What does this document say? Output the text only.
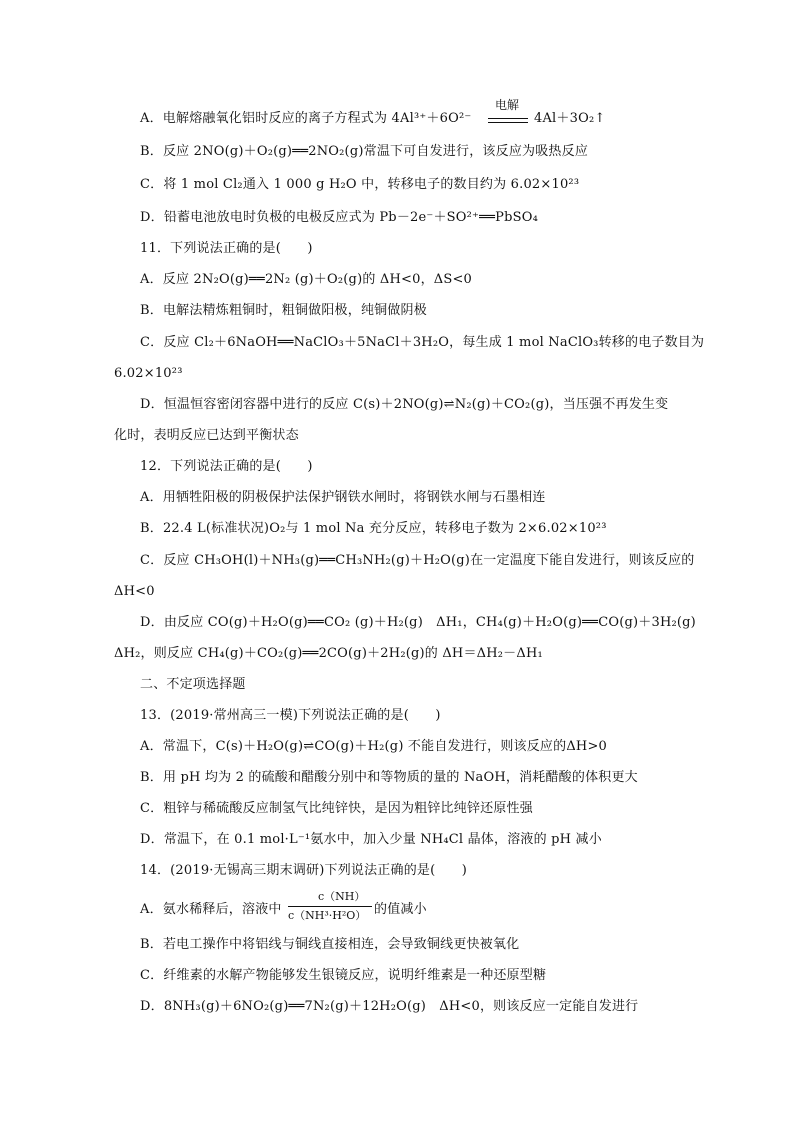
A．电解熔融氧化铝时反应的离子方程式为 4Al³⁺＋6O²⁻
电解
4Al＋3O₂↑
B．反应 2NO(g)＋O₂(g)══2NO₂(g)常温下可自发进行，该反应为吸热反应
C．将 1 mol Cl₂通入 1 000 g H₂O 中，转移电子的数目约为 6.02×10²³
D．铅蓄电池放电时负极的电极反应式为 Pb－2e⁻＋SO²⁺══PbSO₄
11．下列说法正确的是(　　)
A．反应 2N₂O(g)══2N₂ (g)＋O₂(g)的 ΔH<0，ΔS<0
B．电解法精炼粗铜时，粗铜做阳极，纯铜做阴极
C．反应 Cl₂＋6NaOH══NaClO₃＋5NaCl＋3H₂O，每生成 1 mol NaClO₃转移的电子数目为
6.02×10²³
D．恒温恒容密闭容器中进行的反应 C(s)＋2NO(g)⇌N₂(g)＋CO₂(g)，当压强不再发生变
化时，表明反应已达到平衡状态
12．下列说法正确的是(　　)
A．用牺牲阳极的阴极保护法保护钢铁水闸时，将钢铁水闸与石墨相连
B．22.4 L(标准状况)O₂与 1 mol Na 充分反应，转移电子数为 2×6.02×10²³
C．反应 CH₃OH(l)＋NH₃(g)══CH₃NH₂(g)＋H₂O(g)在一定温度下能自发进行，则该反应的
ΔH<0
D．由反应 CO(g)＋H₂O(g)══CO₂ (g)＋H₂(g)　ΔH₁，CH₄(g)＋H₂O(g)══CO(g)＋3H₂(g)
ΔH₂，则反应 CH₄(g)＋CO₂(g)══2CO(g)＋2H₂(g)的 ΔH＝ΔH₂－ΔH₁
二、不定项选择题
13．(2019·常州高三一模)下列说法正确的是(　　)
A．常温下，C(s)＋H₂O(g)⇌CO(g)＋H₂(g) 不能自发进行，则该反应的ΔH>0
B．用 pH 均为 2 的硫酸和醋酸分别中和等物质的量的 NaOH，消耗醋酸的体积更大
C．粗锌与稀硫酸反应制氢气比纯锌快，是因为粗锌比纯锌还原性强
D．常温下，在 0.1 mol·L⁻¹氨水中，加入少量 NH₄Cl 晶体，溶液的 pH 减小
14．(2019·无锡高三期末调研)下列说法正确的是(　　)
A．氨水稀释后，溶液中
c（NH）
c（NH³·H²O） 的值减小
B．若电工操作中将铝线与铜线直接相连，会导致铜线更快被氧化
C．纤维素的水解产物能够发生银镜反应，说明纤维素是一种还原型糖
D．8NH₃(g)＋6NO₂(g)══7N₂(g)＋12H₂O(g)　ΔH<0，则该反应一定能自发进行
